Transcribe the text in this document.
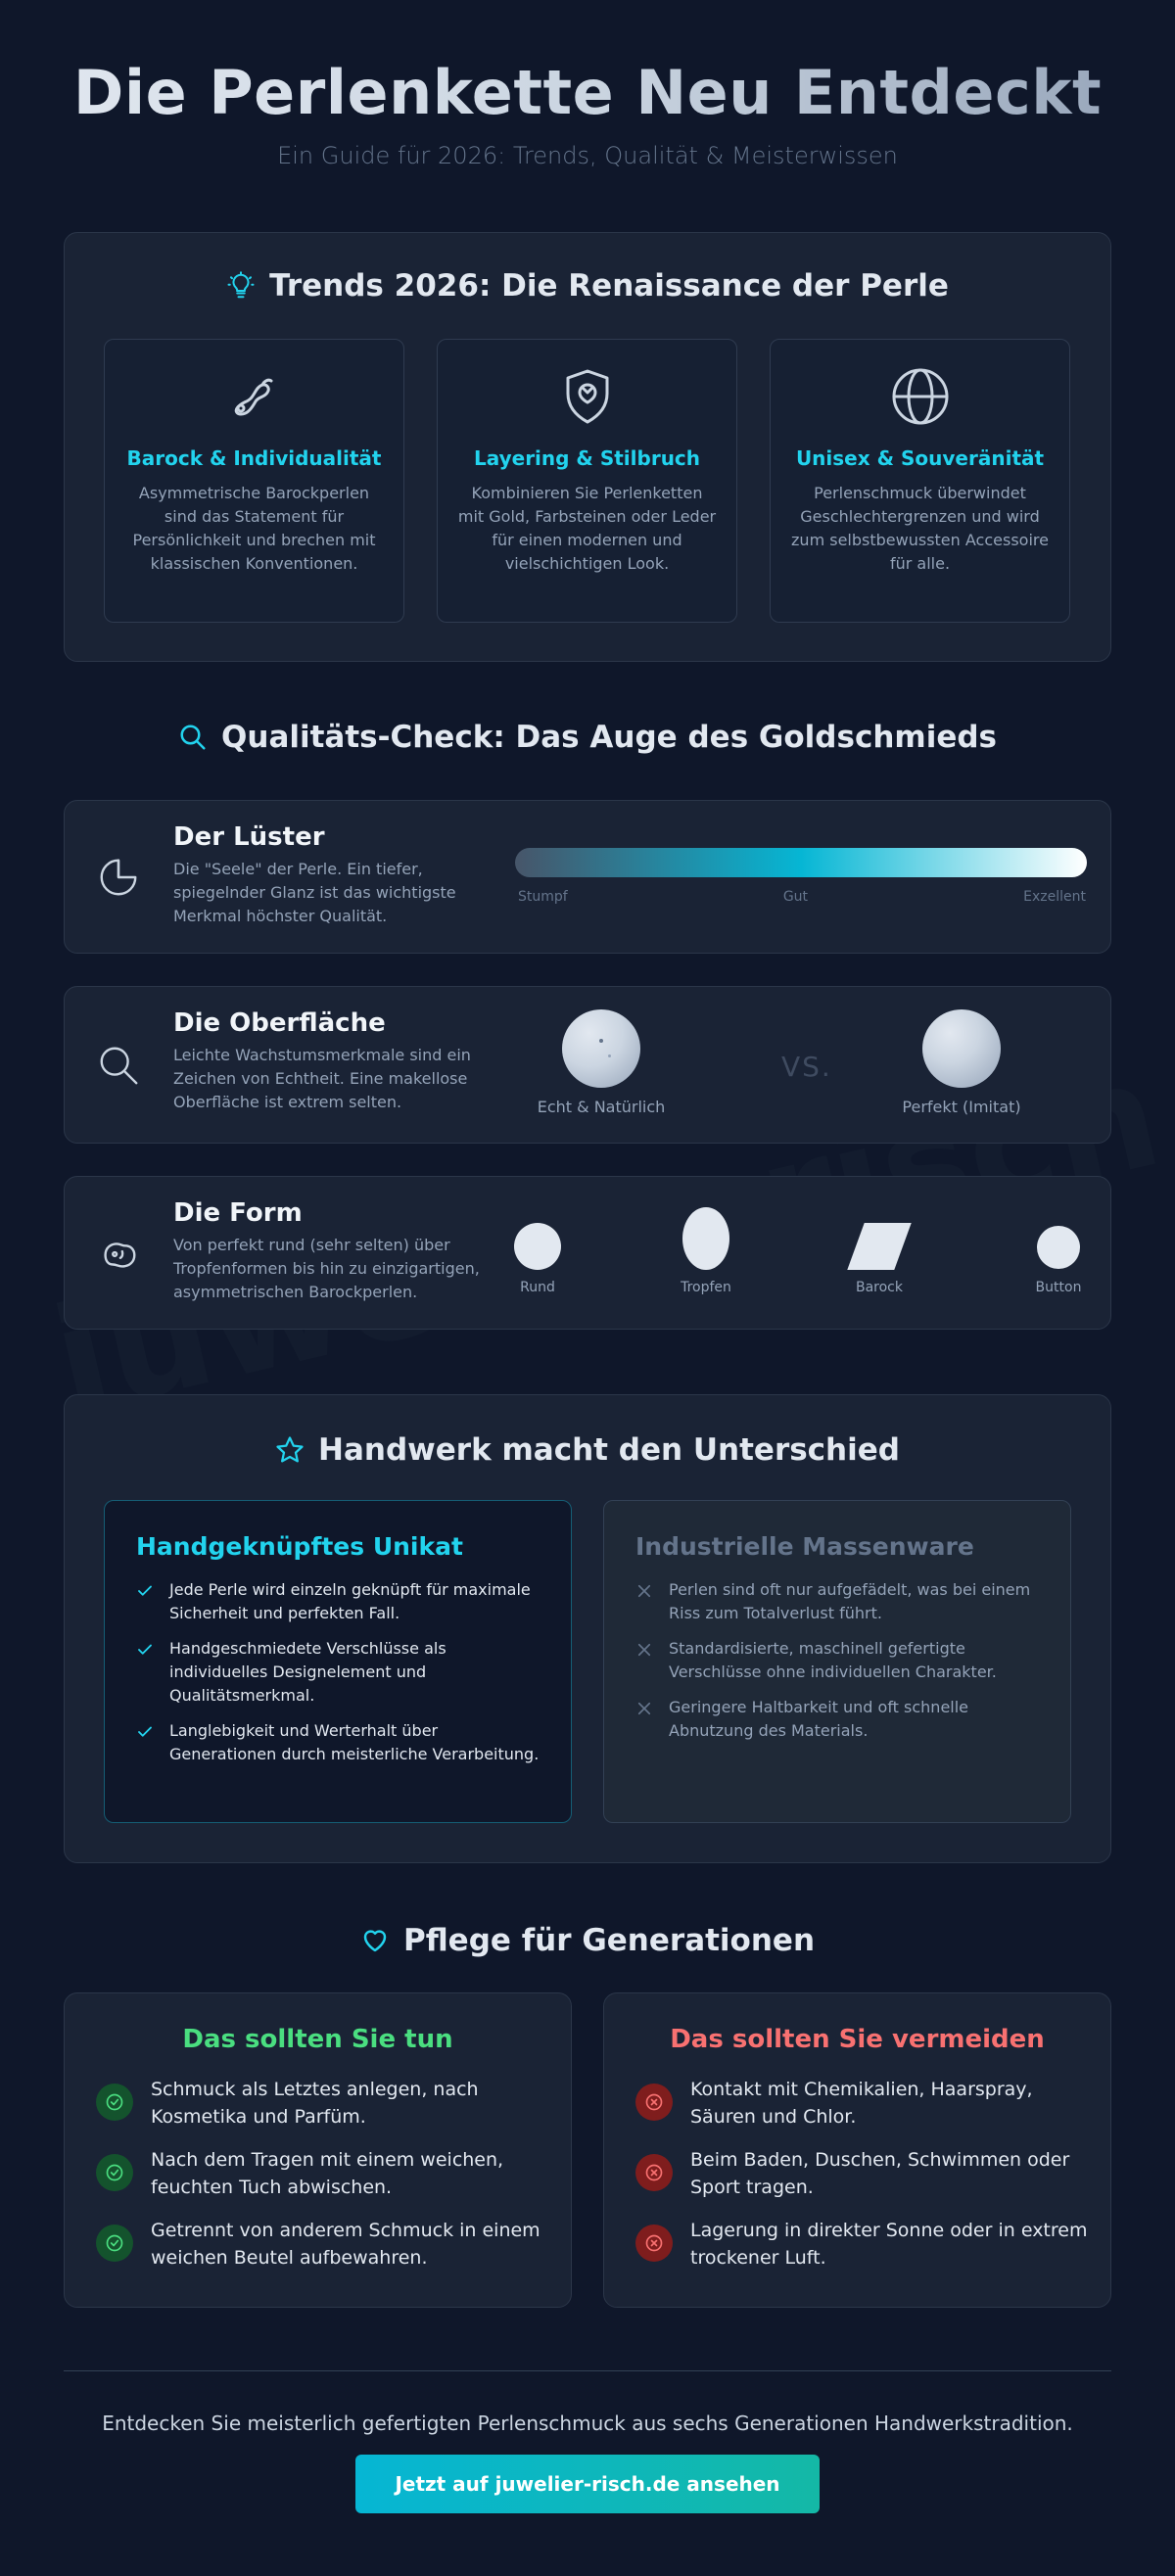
Die Perlenkette Neu Entdeckt
Ein Guide für 2026: Trends, Qualität & Meisterwissen
Trends 2026: Die Renaissance der Perle
Barock & Individualität

Asymmetrische Barockperlen sind das Statement für Persönlichkeit und brechen mit klassischen Konventionen.

Layering & Stilbruch

Kombinieren Sie Perlenketten mit Gold, Farbsteinen oder Leder für einen modernen und vielschichtigen Look.

Unisex & Souveränität

Perlenschmuck überwindet Geschlechtergrenzen und wird zum selbstbewussten Accessoire für alle.

Qualitäts-Check: Das Auge des Goldschmieds
Der Lüster

Die "Seele" der Perle. Ein tiefer, spiegelnder Glanz ist das wichtigste Merkmal höchster Qualität.

Stumpf	Gut	Exzellent
Die Oberfläche

Leichte Wachstumsmerkmale sind ein Zeichen von Echtheit. Eine makellose Oberfläche ist extrem selten.	Echt & Natürlich
VS.
Perfekt (Imitat)
Die Form

Von perfekt rund (sehr selten) über Tropfenformen bis hin zu einzigartigen, asymmetrischen Barockperlen.	Rund	Tropfen	Barock	Button
Handwerk macht den Unterschied
Handgeknüpftes Unikat
Jede Perle wird einzeln geknüpft für maximale Sicherheit und perfekten Fall.
Handgeschmiedete Verschlüsse als individuelles Designelement und Qualitätsmerkmal.
Langlebigkeit und Werterhalt über Generationen durch meisterliche Verarbeitung.
Industrielle Massenware
Perlen sind oft nur aufgefädelt, was bei einem Riss zum Totalverlust führt.
Standardisierte, maschinell gefertigte Verschlüsse ohne individuellen Charakter.
Geringere Haltbarkeit und oft schnelle Abnutzung des Materials.
Pflege für Generationen
Das sollten Sie tun
Schmuck als Letztes anlegen, nach Kosmetika und Parfüm.
Nach dem Tragen mit einem weichen, feuchten Tuch abwischen.
Getrennt von anderem Schmuck in einem weichen Beutel aufbewahren.
Das sollten Sie vermeiden
Kontakt mit Chemikalien, Haarspray, Säuren und Chlor.
Beim Baden, Duschen, Schwimmen oder Sport tragen.
Lagerung in direkter Sonne oder in extrem trockener Luft.
Entdecken Sie meisterlich gefertigten Perlenschmuck aus sechs Generationen Handwerkstradition.
Jetzt auf juwelier-risch.de ansehen
